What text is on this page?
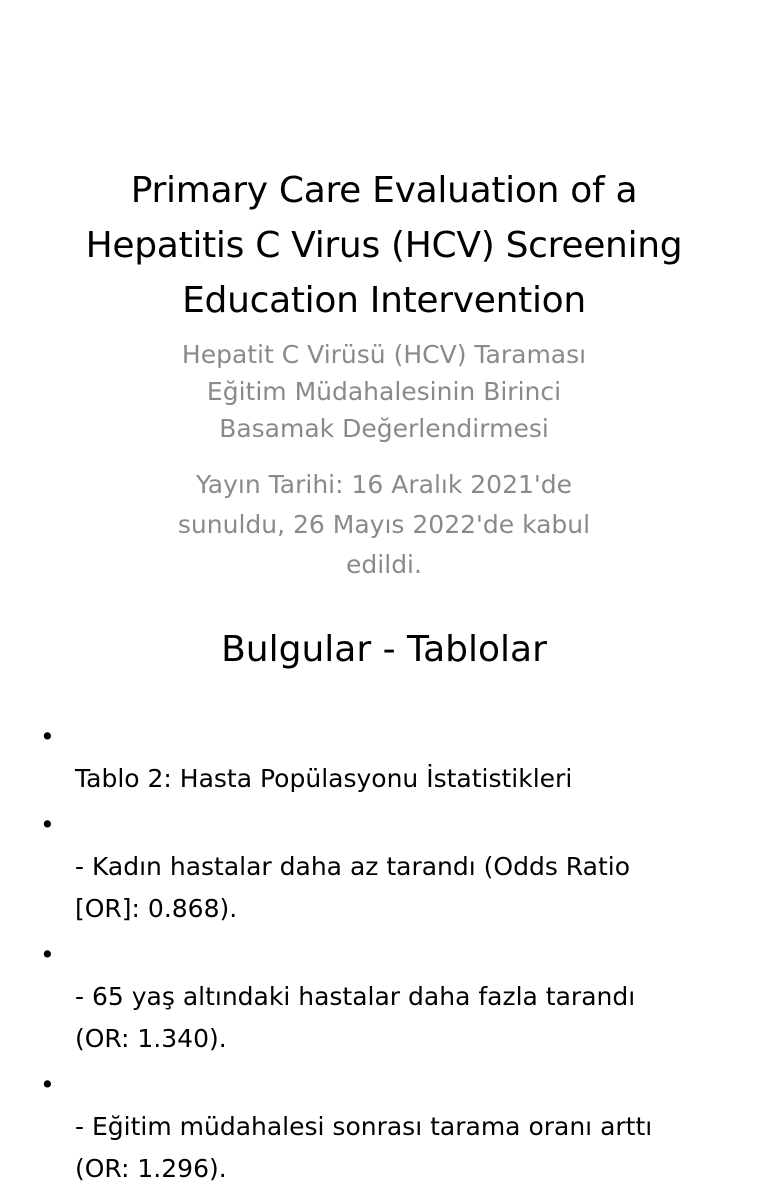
Primary Care Evaluation of a
Hepatitis C Virus (HCV) Screening
Education Intervention

Hepatit C Virüsü (HCV) Taraması
Eğitim Müdahalesinin Birinci
Basamak Değerlendirmesi

Yayın Tarihi: 16 Aralık 2021'de
sunuldu, 26 Mayıs 2022'de kabul
edildi.

Bulgular - Tablolar

•
Tablo 2: Hasta Popülasyonu İstatistikleri

•
- Kadın hastalar daha az tarandı (Odds Ratio
[OR]: 0.868).

•
- 65 yaş altındaki hastalar daha fazla tarandı
(OR: 1.340).

•
- Eğitim müdahalesi sonrası tarama oranı arttı
(OR: 1.296).
